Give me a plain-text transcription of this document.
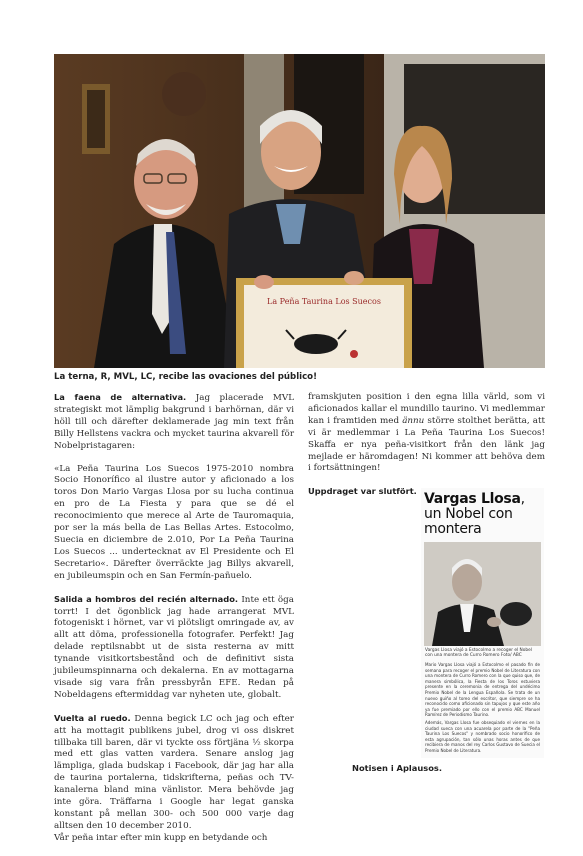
La Peña Taurina Los Suecos
La terna, R, MVL, LC, recibe las ovaciones del público!

La faena de alternativa. Jag placerade MVL strategiskt mot lämplig bakgrund i barhörnan, där vi höll till och därefter deklamerade jag min text från Billy Hellstens vackra och mycket taurina akvarell för Nobelpristagaren:

«La Peña Taurina Los Suecos 1975-2010 nombra Socio Honorífico al ilustre autor y aficionado a los toros Don Mario Vargas Llosa por su lucha continua en pro de La Fiesta y para que se dé el reconocimiento que merece al Arte de Tauromaquia, por ser la más bella de Las Bellas Artes. Estocolmo, Suecia en diciembre de 2.010, Por La Peña Taurina Los Suecos ... undertecknat av El Presidente och El Secretario«. Därefter överräckte jag Billys akvarell, en jubileumspin och en San Fermín-pañuelo.

Salida a hombros del recién alternado. Inte ett öga torrt! I det ögonblick jag hade arrangerat MVL fotogeniskt i hörnet, var vi plötsligt omringade av, av allt att döma, professionella fotografer. Perfekt! Jag delade reptilsnabbt ut de sista resterna av mitt tynande visitkortsbestånd och de definitivt sista jubileumspinnarna och dekalerna. En av mottagarna visade sig vara från pressbyrån EFE. Redan på Nobeldagens eftermiddag var nyheten ute, globalt.

Vuelta al ruedo. Denna begick LC och jag och efter att ha mottagit publikens jubel, drog vi oss diskret tillbaka till baren, där vi tyckte oss förtjäna ½ skorpa med ett glas vatten vardera. Senare anslog jag lämpliga, glada budskap i Facebook, där jag har alla de taurina portalerna, tidskrifterna, peñas och TV-kanalerna bland mina vänlistor. Mera behövde jag inte göra. Träffarna i Google har legat ganska konstant på mellan 300- och 500 000 varje dag alltsen den 10 december 2010.

Vår peña intar efter min kupp en betydande och

framskjuten position i den egna lilla värld, som vi aficionados kallar el mundillo taurino. Vi medlemmar kan i framtiden med ännu större stolthet berätta, att vi är medlemmar i La Peña Taurina Los Suecos! Skaffa er nya peña-visitkort från den länk jag mejlade er häromdagen! Ni kommer att behöva dem i fortsättningen!

Uppdraget var slutfört. Vargas Llosa, un Nobel con montera
Vargas Llosa viajó a Estocolmo a recoger el Nobel con una montera de Curro Romero Foto/ ABC

Mario Vargas Llosa viajó a Estocolmo el pasado fin de semana para recoger el premio Nobel de Literatura con una montera de Curro Romero con la que quiso que, de manera simbólica, la Fiesta de los Toros estuviera presente en la ceremonia de entrega del undécimo Premio Nobel de la Lengua Española. Se trata de un nuevo guiño al toreo del escritor, que siempre se ha reconocido como aficionado sin tapujos y que este año ya fue premiado por ello con el premio ABC Manuel Ramírez de Periodismo Taurino.

Además, Vargas Llosa fue obsequiado el viernes en la ciudad sueca con una acuarela por parte de la "Peña Taurina Los Suecos" y nombrado socio honorífico de esta agrupación, tan sólo unas horas antes de que recibiera de manos del rey Carlos Gustavo de Suecia el Premio Nobel de Literatura.

Notisen i Aplausos.
